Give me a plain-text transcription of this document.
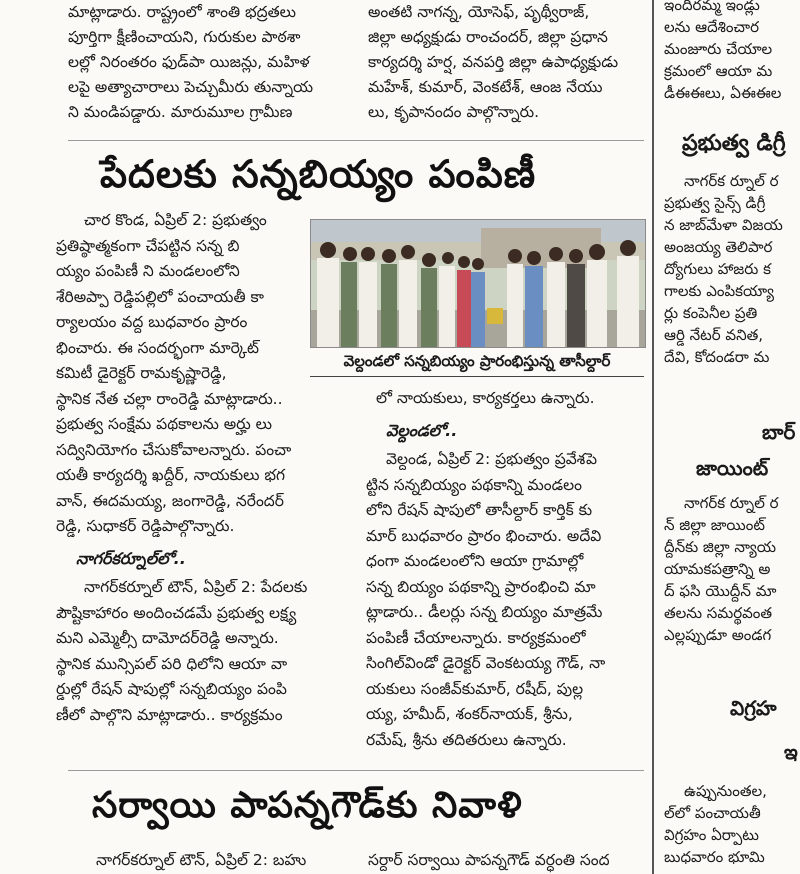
మాట్లాడారు. రాష్ట్రంలో శాంతి భద్రతలు

పూర్తిగా క్షీణించాయని, గురుకుల పాఠశా

లల్లో నిరంతరం ఫుడ్‌పా యిజన్లు, మహిళ

లపై అత్యాచారాలు పెచ్చుమీరు తున్నాయ

ని మండిపడ్డారు. మారుమూల గ్రామీణ

అంతటి నాగన్న, యోసెఫ్, పృథ్వీరాజ్,

జిల్లా అధ్యక్షుడు రాంచందర్, జిల్లా ప్రధాన

కార్యదర్శి హర్ష, వనపర్తి జిల్లా ఉపాధ్యక్షుడు

మహేశ్, కుమార్, వెంకటేశ్, ఆంజ నేయు

లు, కృపానందం పాల్గొన్నారు.

పేదలకు సన్నబియ్యం పంపిణీ
వెల్దండలో సన్నబియ్యం ప్రారంభిస్తున్న తాసీల్దార్

చార కొండ, ఏప్రిల్ 2: ప్రభుత్వం

ప్రతిష్ఠాత్మకంగా చేపట్టిన సన్న బి

య్యం పంపిణీ ని మండలంలోని

శేరిఅప్పా రెడ్డిపల్లిలో పంచాయతీ కా

ర్యాలయం వద్ద బుధవారం ప్రారం

భించారు. ఈ సందర్భంగా మార్కెట్

కమిటీ డైరెక్టర్ రామకృష్ణారెడ్డి,

స్థానిక నేత చల్లా రాంరెడ్డి మాట్లాడారు..

ప్రభుత్వ సంక్షేమ పథకాలను అర్హు లు

సద్వినియోగం చేసుకోవాలన్నారు. పంచా

యతీ కార్యదర్శి ఖద్దీర్, నాయకులు భగ

వాన్, ఈదమయ్య, జంగారెడ్డి, నరేందర్

రెడ్డి, సుధాకర్ రెడ్డిపాల్గొన్నారు.

నాగర్‌కర్నూల్‌లో..

నాగర్‌కర్నూల్ టౌన్, ఏప్రిల్ 2: పేదలకు

పౌష్టికాహారం అందించడమే ప్రభుత్వ లక్ష్య

మని ఎమ్మెల్సీ దామోదర్‌రెడ్డి అన్నారు.

స్థానిక మున్సిపల్ పరి ధిలోని ఆయా వా

ర్డుల్లో రేషన్ షాపుల్లో సన్నబియ్యం పంపి

ణీలో పాల్గొని మాట్లాడారు.. కార్యక్రమం

లో నాయకులు, కార్యకర్తలు ఉన్నారు.

వెల్దండలో..

వెల్దండ, ఏప్రిల్ 2: ప్రభుత్వం ప్రవేశపె

ట్టిన సన్నబియ్యం పథకాన్ని మండలం

లోని రేషన్ షాపులో తాసీల్దార్ కార్తిక్ కు

మార్ బుధవారం ప్రారం భించారు. అదేవి

ధంగా మండలంలోని ఆయా గ్రామాల్లో

సన్న బియ్యం పథకాన్ని ప్రారంభించి మా

ట్లాడారు.. డీలర్లు సన్న బియ్యం మాత్రమే

పంపిణీ చేయాలన్నారు. కార్యక్రమంలో

సింగిల్‌విండో డైరెక్టర్ వెంకటయ్య గౌడ్, నా

యకులు సంజీవ్‌కుమార్, రషీద్, పుల్ల

య్య, హమీద్, శంకర్‌నాయక్, శ్రీను,

రమేష్, శ్రీను తదితరులు ఉన్నారు.

సర్వాయి పాపన్నగౌడ్‌కు నివాళి

నాగర్‌కర్నూల్ టౌన్, ఏప్రిల్ 2: బహు	సర్దార్ సర్వాయి పాపన్నగౌడ్ వర్ధంతి సంద

ఇందిరమ్మ ఇండ్లు
లను ఆదేశించార
మంజూరు చేయాల
క్రమంలో ఆయా మ
డీఈఈలు, ఏఈఈల
ప్రభుత్వ డిగ్రీ
నాగర్‌క ర్నూల్ ర
ప్రభుత్వ సైన్స్ డిగ్రీ
న జాబ్‌మేళా విజయ
అంజయ్య తెలిపార
ద్యోగులు హాజరు క
గాలకు ఎంపికయ్యా
ర్లు కంపెనీల ప్రతి
ఆర్డి నేటర్ వనిత,
దేవి, కోదండరా మ
బార్
జాయింట్
నాగర్‌క ర్నూల్ ర
న్ జిల్లా జాయింట్
ద్దీన్‌కు జిల్లా న్యాయ
యామకపత్రాన్ని అ
ద్ ఫసి యొద్దీన్ మా
తలను సమర్థవంత
ఎల్లప్పుడూ అండగ
విగ్రహ
ఇ
ఉప్పునుంతల,
ల్‌లో పంచాయతీ
విగ్రహం ఏర్పాటు
బుధవారం భూమి
